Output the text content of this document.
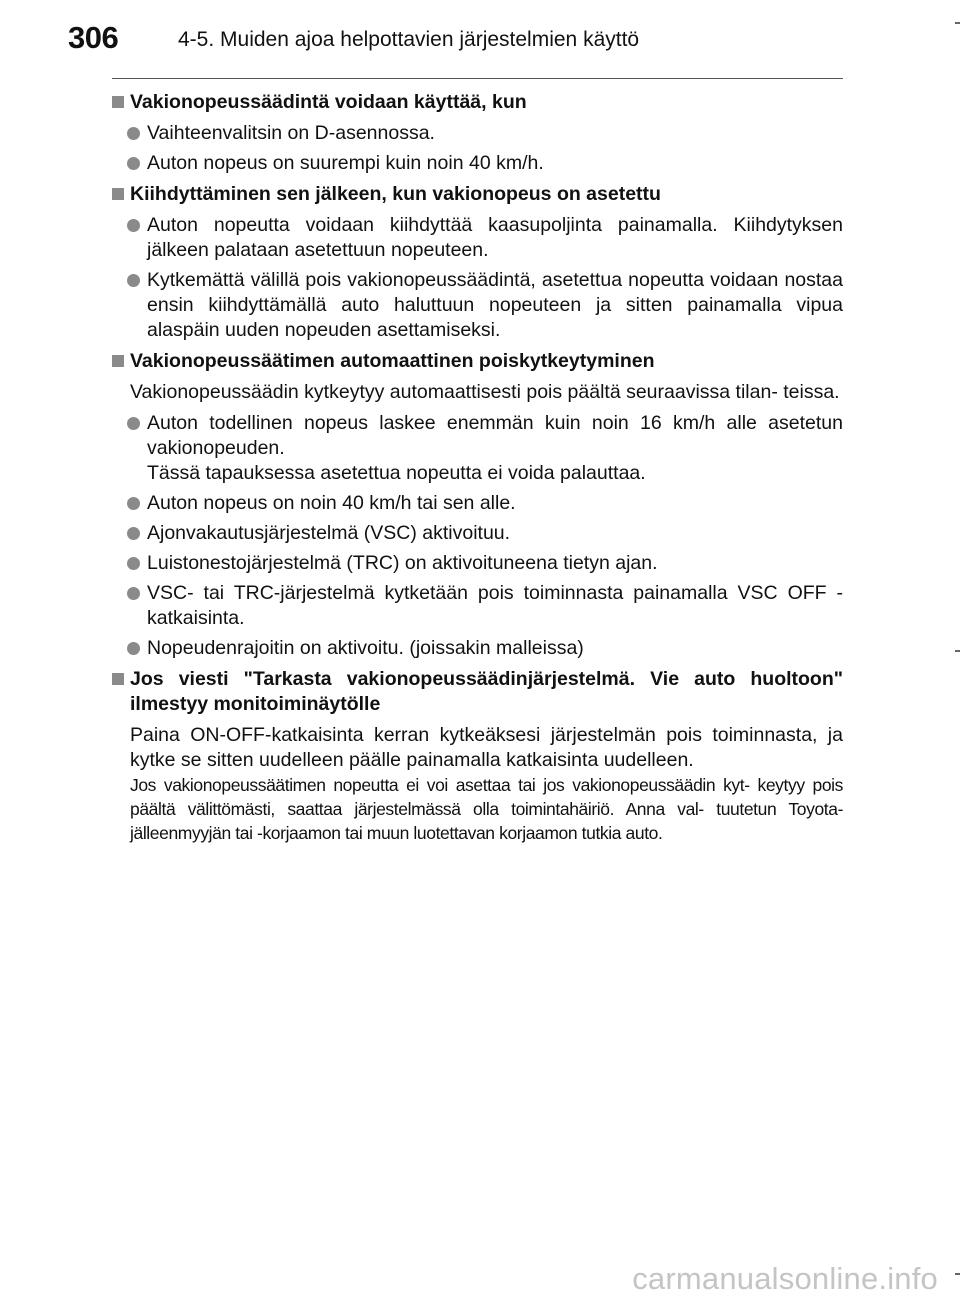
306	4-5. Muiden ajoa helpottavien järjestelmien käyttö
Vakionopeussäädintä voidaan käyttää, kun
Vaihteenvalitsin on D-asennossa.
Auton nopeus on suurempi kuin noin 40 km/h.
Kiihdyttäminen sen jälkeen, kun vakionopeus on asetettu
Auton nopeutta voidaan kiihdyttää kaasupoljinta painamalla. Kiihdytyksen jälkeen palataan asetettuun nopeuteen.
Kytkemättä välillä pois vakionopeussäädintä, asetettua nopeutta voidaan nostaa ensin kiihdyttämällä auto haluttuun nopeuteen ja sitten painamalla vipua alaspäin uuden nopeuden asettamiseksi.
Vakionopeussäätimen automaattinen poiskytkeytyminen
Vakionopeussäädin kytkeytyy automaattisesti pois päältä seuraavissa tilan- teissa.
Auton todellinen nopeus laskee enemmän kuin noin 16 km/h alle asetetun vakionopeuden.
Tässä tapauksessa asetettua nopeutta ei voida palauttaa.
Auton nopeus on noin 40 km/h tai sen alle.
Ajonvakautusjärjestelmä (VSC) aktivoituu.
Luistonestojärjestelmä (TRC) on aktivoituneena tietyn ajan.
VSC- tai TRC-järjestelmä kytketään pois toiminnasta painamalla VSC OFF -katkaisinta.
Nopeudenrajoitin on aktivoitu. (joissakin malleissa)
Jos viesti "Tarkasta vakionopeussäädinjärjestelmä. Vie auto huoltoon" ilmestyy monitoiminäytölle
Paina ON-OFF-katkaisinta kerran kytkeäksesi järjestelmän pois toiminnasta, ja kytke se sitten uudelleen päälle painamalla katkaisinta uudelleen.
Jos vakionopeussäätimen nopeutta ei voi asettaa tai jos vakionopeussäädin kyt- keytyy pois päältä välittömästi, saattaa järjestelmässä olla toimintahäiriö. Anna val- tuutetun Toyota-jälleenmyyjän tai -korjaamon tai muun luotettavan korjaamon tutkia auto.
carmanualsonline.info
